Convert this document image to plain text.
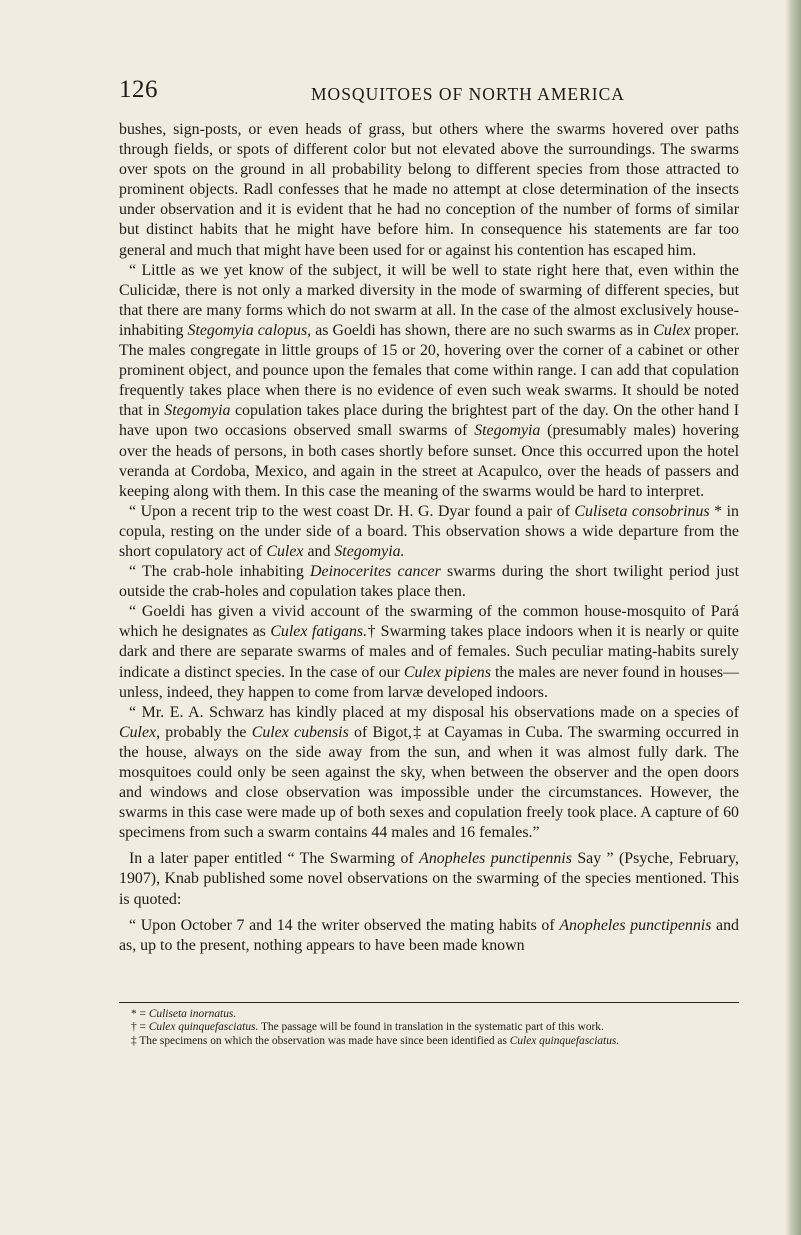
126	MOSQUITOES OF NORTH AMERICA

bushes, sign-posts, or even heads of grass, but others where the swarms hovered over paths through fields, or spots of different color but not elevated above the surroundings. The swarms over spots on the ground in all probability belong to different species from those attracted to prominent objects. Radl confesses that he made no attempt at close determination of the insects under observation and it is evident that he had no conception of the number of forms of similar but distinct habits that he might have before him. In consequence his statements are far too general and much that might have been used for or against his contention has escaped him.

“ Little as we yet know of the subject, it will be well to state right here that, even within the Culicidæ, there is not only a marked diversity in the mode of swarming of different species, but that there are many forms which do not swarm at all. In the case of the almost exclusively house-inhabiting Stegomyia calopus, as Goeldi has shown, there are no such swarms as in Culex proper. The males congregate in little groups of 15 or 20, hovering over the corner of a cabinet or other prominent object, and pounce upon the females that come within range. I can add that copulation frequently takes place when there is no evidence of even such weak swarms. It should be noted that in Stegomyia copulation takes place during the brightest part of the day. On the other hand I have upon two occasions observed small swarms of Stegomyia (presumably males) hovering over the heads of persons, in both cases shortly before sunset. Once this occurred upon the hotel veranda at Cordoba, Mexico, and again in the street at Acapulco, over the heads of passers and keeping along with them. In this case the meaning of the swarms would be hard to interpret.

“ Upon a recent trip to the west coast Dr. H. G. Dyar found a pair of Culiseta consobrinus * in copula, resting on the under side of a board. This observation shows a wide departure from the short copulatory act of Culex and Stegomyia.

“ The crab-hole inhabiting Deinocerites cancer swarms during the short twilight period just outside the crab-holes and copulation takes place then.

“ Goeldi has given a vivid account of the swarming of the common house-mosquito of Pará which he designates as Culex fatigans.† Swarming takes place indoors when it is nearly or quite dark and there are separate swarms of males and of females. Such peculiar mating-habits surely indicate a distinct species. In the case of our Culex pipiens the males are never found in houses—unless, indeed, they happen to come from larvæ developed indoors.

“ Mr. E. A. Schwarz has kindly placed at my disposal his observations made on a species of Culex, probably the Culex cubensis of Bigot,‡ at Cayamas in Cuba. The swarming occurred in the house, always on the side away from the sun, and when it was almost fully dark. The mosquitoes could only be seen against the sky, when between the observer and the open doors and windows and close observation was impossible under the circumstances. However, the swarms in this case were made up of both sexes and copulation freely took place. A capture of 60 specimens from such a swarm contains 44 males and 16 females.”

In a later paper entitled “ The Swarming of Anopheles punctipennis Say ” (Psyche, February, 1907), Knab published some novel observations on the swarming of the species mentioned. This is quoted:

“ Upon October 7 and 14 the writer observed the mating habits of Anopheles punctipennis and as, up to the present, nothing appears to have been made known

* = Culiseta inornatus.

† = Culex quinquefasciatus. The passage will be found in translation in the systematic part of this work.

‡ The specimens on which the observation was made have since been identified as Culex quinquefasciatus.
